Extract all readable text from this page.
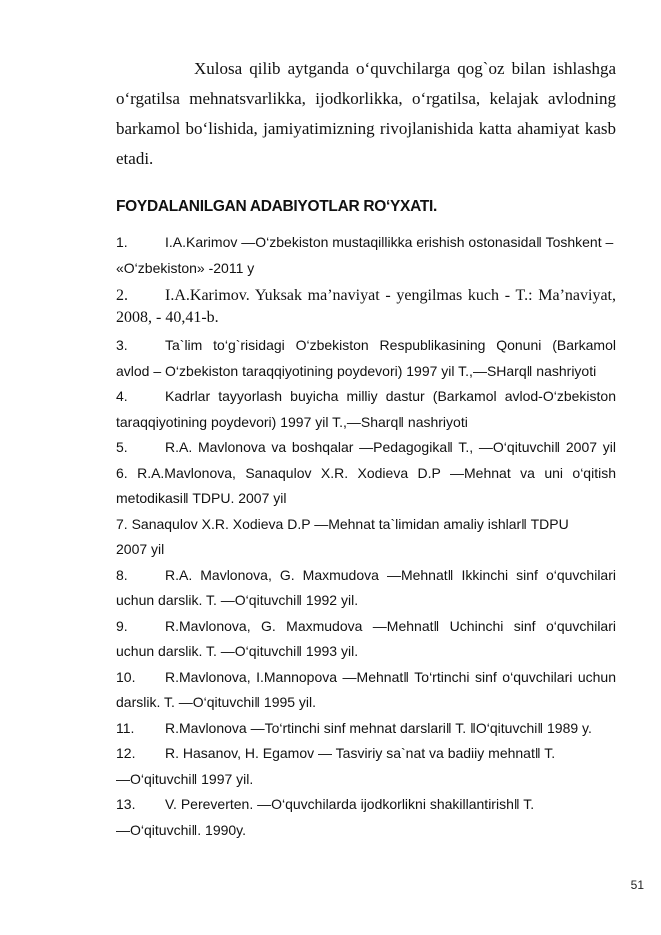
Xulosa qilib aytganda o‘quvchilarga qog`oz bilan ishlashga o‘rgatilsa mehnatsvarlikka, ijodkorlikka, o‘rgatilsa, kelajak avlodning barkamol bo‘lishida, jamiyatimizning rivojlanishida katta ahamiyat kasb etadi.

FOYDALANILGAN ADABIYOTLAR RO‘YXATI.

1.	I.A.Karimov ―O‘zbekiston mustaqillikka erishish ostonasida‖ Toshkent –

«O‘zbekiston» -2011 y

2. I.A.Karimov. Yuksak ma’naviyat - yengilmas kuch - T.: Ma’naviyat, 2008, - 40,41-b.

3.	Ta`lim to‘g`risidagi O‘zbekiston Respublikasining Qonuni (Barkamol avlod – O‘zbekiston taraqqiyotining poydevori) 1997 yil T.,―SHarq‖ nashriyoti

4.	Kadrlar tayyorlash buyicha milliy dastur (Barkamol avlod-O‘zbekiston taraqqiyotining poydevori) 1997 yil T.,―Sharq‖ nashriyoti

5.	R.A. Mavlonova va boshqalar ―Pedagogika‖ T., ―O‘qituvchi‖ 2007 yil 6. R.A.Mavlonova, Sanaqulov X.R. Xodieva D.P ―Mehnat va uni o‘qitish metodikasi‖ TDPU. 2007 yil

7. Sanaqulov X.R. Xodieva D.P ―Mehnat ta`limidan amaliy ishlar‖ TDPU

2007 yil

8.	R.A. Mavlonova, G. Maxmudova ―Mehnat‖ Ikkinchi sinf o‘quvchilari uchun darslik. T. ―O‘qituvchi‖ 1992 yil.

9.	R.Mavlonova, G. Maxmudova ―Mehnat‖ Uchinchi sinf o‘quvchilari uchun darslik. T. ―O‘qituvchi‖ 1993 yil.

10. R.Mavlonova, I.Mannopova ―Mehnat‖ To‘rtinchi sinf o‘quvchilari uchun darslik. T. ―O‘qituvchi‖ 1995 yil.

11. R.Mavlonova ―To‘rtinchi sinf mehnat darslari‖ T. ‖O‘qituvchi‖ 1989 y.

12. R. Hasanov, H. Egamov ― Tasviriy sa`nat va badiiy mehnat‖ T.

―O‘qituvchi‖ 1997 yil.

13. V. Pereverten. ―O‘quvchilarda ijodkorlikni shakillantirish‖ T.

―O‘qituvchi‖. 1990y.

51
